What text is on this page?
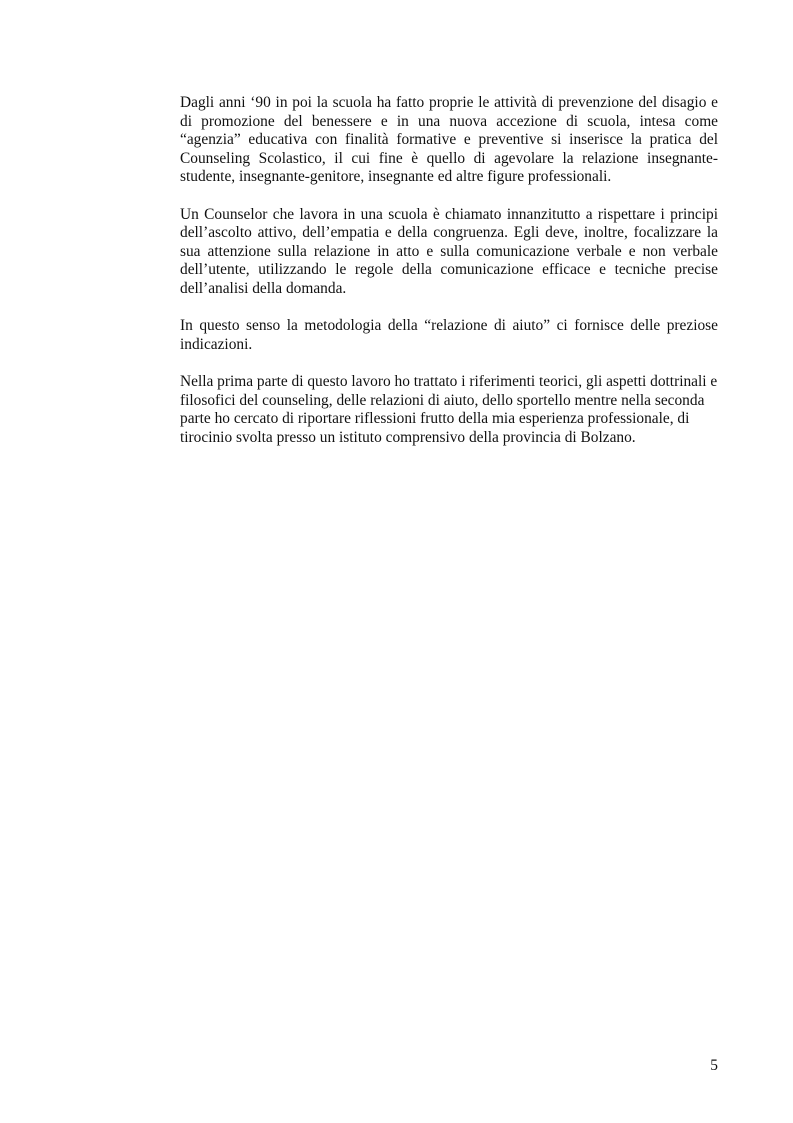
Dagli anni ‘90 in poi la scuola ha fatto proprie le attività di prevenzione del disagio e di promozione del benessere e in una nuova accezione di scuola, intesa come “agenzia” educativa con finalità formative e preventive si inserisce la pratica del Counseling Scolastico, il cui fine è quello di agevolare la relazione insegnante-studente, insegnante-genitore, insegnante ed altre figure professionali.

Un Counselor che lavora in una scuola è chiamato innanzitutto a rispettare i principi dell’ascolto attivo, dell’empatia e della congruenza. Egli deve, inoltre, focalizzare la sua attenzione sulla relazione in atto e sulla comunicazione verbale e non verbale dell’utente, utilizzando le regole della comunicazione efficace e tecniche precise dell’analisi della domanda.

In questo senso la metodologia della “relazione di aiuto” ci fornisce delle preziose indicazioni.

Nella prima parte di questo lavoro ho trattato i riferimenti teorici, gli aspetti dottrinali e filosofici del counseling, delle relazioni di aiuto, dello sportello mentre nella seconda parte ho cercato di riportare riflessioni frutto della mia esperienza professionale, di tirocinio svolta presso un istituto comprensivo della provincia di Bolzano.

5
